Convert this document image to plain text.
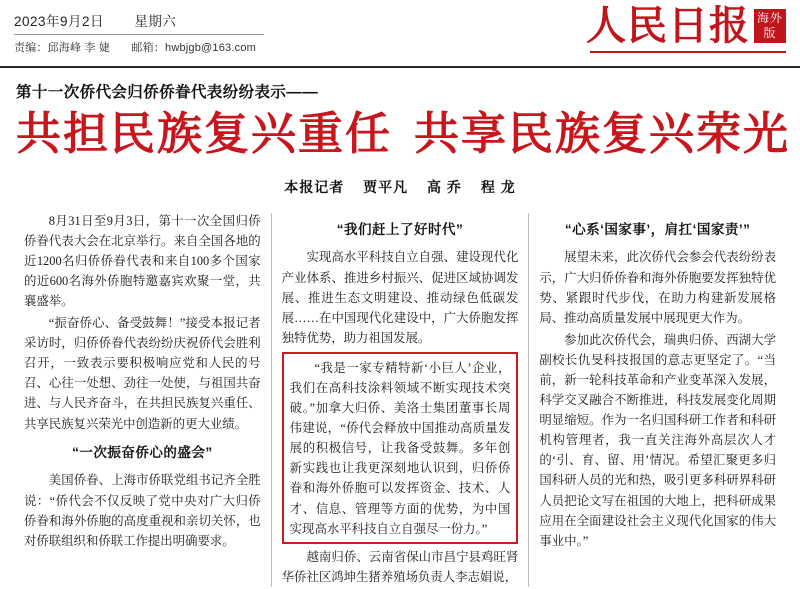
2023年9月2日 星期六
责编：邱海峰 李 婕 邮箱：hwbjgb@163.com	人民日报 海外
版
第十一次侨代会归侨侨眷代表纷纷表示——
共担民族复兴重任 共享民族复兴荣光
本报记者 贾平凡 高 乔 程 龙

8月31日至9月3日，第十一次全国归侨侨眷代表大会在北京举行。来自全国各地的近1200名归侨侨眷代表和来自100多个国家的近600名海外侨胞特邀嘉宾欢聚一堂，共襄盛举。

“振奋侨心、备受鼓舞！”接受本报记者采访时，归侨侨眷代表纷纷庆祝侨代会胜利召开，一致表示要积极响应党和人民的号召、心往一处想、劲往一处使，与祖国共奋进、与人民齐奋斗，在共担民族复兴重任、共享民族复兴荣光中创造新的更大业绩。

“一次振奋侨心的盛会”

美国侨眷、上海市侨联党组书记齐全胜说：“侨代会不仅反映了党中央对广大归侨侨眷和海外侨胞的高度重视和亲切关怀，也对侨联组织和侨联工作提出明确要求。

“我们赶上了好时代”

实现高水平科技自立自强、建设现代化产业体系、推进乡村振兴、促进区域协调发展、推进生态文明建设、推动绿色低碳发展……在中国现代化建设中，广大侨胞发挥独特优势，助力祖国发展。

“我是一家专精特新‘小巨人’企业，我们在高科技涂料领域不断实现技术突破。”加拿大归侨、美洛士集团董事长周伟建说，“侨代会释放中国推动高质量发展的积极信号，让我备受鼓舞。多年创新实践也让我更深刻地认识到，归侨侨眷和海外侨胞可以发挥资金、技术、人才、信息、管理等方面的优势，为中国实现高水平科技自立自强尽一份力。”

越南归侨、云南省保山市昌宁县鸡旺肾华侨社区鸿坤生猪养殖场负责人李志娟说，

“心系‘国家事’，肩扛‘国家责’”

展望未来，此次侨代会参会代表纷纷表示，广大归侨侨眷和海外侨胞要发挥独特优势、紧跟时代步伐，在助力构建新发展格局、推动高质量发展中展现更大作为。

参加此次侨代会，瑞典归侨、西湖大学副校长仇旻科技报国的意志更坚定了。“当前，新一轮科技革命和产业变革深入发展，科学交叉融合不断推进，科技发展变化周期明显缩短。作为一名归国科研工作者和科研机构管理者，我一直关注海外高层次人才的‘引、育、留、用’情况。希望汇聚更多归国科研人员的光和热，吸引更多科研界科研人员把论文写在祖国的大地上，把科研成果应用在全面建设社会主义现代化国家的伟大事业中。”
